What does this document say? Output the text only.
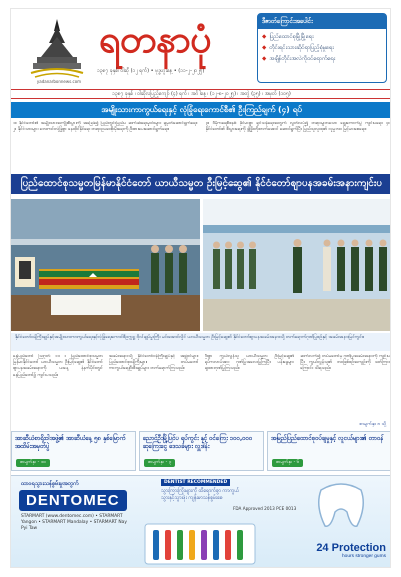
yadanarbonnews.com
ရတနာပုံ
၁၃၈၇ ခုနှစ်၊ ဝါဆို (၁၂ ရက်) • ဗုဒ္ဓဟူးနေ့ • (၁၁-၂-၂၀၂၅)
ဒီဇာတ်ကြောင်းအပေါင်း
◆ ပြည်ထောင်စုမြို့မြို့ရေး
◆ တိုင်းရင်းသားဆိုင်ရာပြည့်စုံမှုရေး
◆ အချိန်တိုင်းအလဲကိုဝင်ရောက်ရေး
၁၃၈၇ ခုနှစ် ၊ ဝါဆိုလပြည့်ကျော် (၄) ရက် ၊ အင်္ဂါနေ့ ၊ (၁၂-၈-၂၀၂၅) ၊ အတွဲ (၃၅) ၊ အမှတ် (၁၀၅)
အမျိုးသားကာကွယ်ရေးနှင့် လုံခြုံရေးကောင်စီ၏ ဦးကြည်ချက် (၄) ရပ်
၁။ နိုင်ငံတော်၏ အမျိုးသားအကျိုးစီးပွားကို အခြေခံ၍ ပြည်တွင်းပြည်ပ ဆက်ဆံရေးမူဝါဒများ ချမှတ်ဆောင်ရွက်ရေး၊ ၂။ နိုင်ငံသားများ ဘေးကင်းလုံခြုံစွာ နေထိုင်နိုင်ရေး တရားဥပဒေစိုးမိုးရေးကို ဦးစားပေးဆောင်ရွက်ရေး။
၃။ ဒီမိုကရေစီစနစ် ခိုင်မာစွာ ရှင်သန်ရေးအတွက် လွတ်လပ်၍ တရားမျှတသော ရွေးကောက်ပွဲ ကျင်းပရေး၊ ၄။ နိုင်ငံတော်၏ စီးပွားရေးကို ဖွံ့ဖြိုးတိုးတက်အောင် ဆောင်ရွက်ပြီး ပြည်သူလူထု၏ လူမှုဘဝ မြင့်မားစေရေး။
ပြည်ထောင်စုသမ္မတမြန်မာနိုင်ငံတော် ယာယီသမ္မတ ဦးမြင့်ဆွေ၏ နိုင်ငံတော်စျာပနအခမ်းအနားကျင်းပ
နိုင်ငံတော်ဝန်ကြီးချုပ်နှင့်အမျိုးသားကာကွယ်ရေးနှင့်လုံခြုံရေးကောင်စီဥက္ကဋ္ဌ ဗိုလ်ချုပ်မှူးကြီး မင်းအောင်လှိုင် ယာယီသမ္မတ ဦးမြင့်ဆွေ၏ နိုင်ငံတော်စျာပနအခမ်းအနားသို့ တက်ရောက်ဂုဏ်ပြုစဉ်နှင့် အခမ်းအနားမြင်ကွင်း။
နေပြည်တော် ဩဂုတ် ၁၁ ။ ပြည်ထောင်စုသမ္မတမြန်မာနိုင်ငံတော် ယာယီသမ္မတ ဦးမြင့်ဆွေ၏ နိုင်ငံတော်စျာပနအခမ်းအနားကို ယနေ့ နံနက်ပိုင်းတွင် နေပြည်တော်၌ ကျင်းပသည်။
အခမ်းအနားသို့ နိုင်ငံတော်ဝန်ကြီးချုပ်နှင့် အဖွဲ့ဝင်များ၊ ပြည်ထောင်စုဝန်ကြီးများ၊ တပ်မတော်ကာကွယ်ရေးဦးစီးချုပ်များ တက်ရောက်ကြသည်။
ဦးစွာ ကွယ်လွန်သူ ယာယီသမ္မတ ဦးမြင့်ဆွေ၏ ရုပ်ကလာပ်အား ဂုဏ်ပြုအလေးပြုကြပြီး ပန်းခွေများ ချထားဂုဏ်ပြုကြသည်။
ဆက်လက်၍ တပ်မတော်မှ ဂုဏ်ပြုအခမ်းအနားကို ကျင်းပပြီး ကွယ်လွန်သူ၏ ဘဝဖြစ်စဉ်အကျဉ်းကို ဖတ်ကြားကြောင်း သိရသည်။
စာမျက်နှာ ၈ သို့
အာဆီယံစာရိုးဝါအဖွဲ့၏ အာဆီယံနေ့ ၅၈ နှစ်မြောက် အထိမ်းအမှတ်ပွဲ
စာမျက်နှာ - ၁၀
ညောင်ဦးမြို့ပြင်ပ ရုပ်ကွင်း နှင့် ဝင်ကြေး ၁၀၀,၀၀၀ ဆုကြေးငွေ ဒေသခံများ လှူဒါန်း
စာမျက်နှာ - ၃
အမြည်ပြည်ထောင်စုဝပ်ချမှုနှင့် လူငယ်များ၏ တာဝန်
စာမျက်နှာ - ၆
ထာဝရသွားသန်စွမ်းမှုအတွက်
DENTOMEC
STARMART (www.dentomec.com) • STARMART Yangon • STARMART Mandalay • STARMART Nay Pyi Taw
DENTIST RECOMMENDED
သွားကြားကြိုးများကို ထိရောက်စွာ ကာကွယ်
သွားနှင့်သွားဖုံး ကျန်းမာသန်စွမ်းစေ
FDA Approved 2013 PCE 0013
24 Protection
hours stronger gums
